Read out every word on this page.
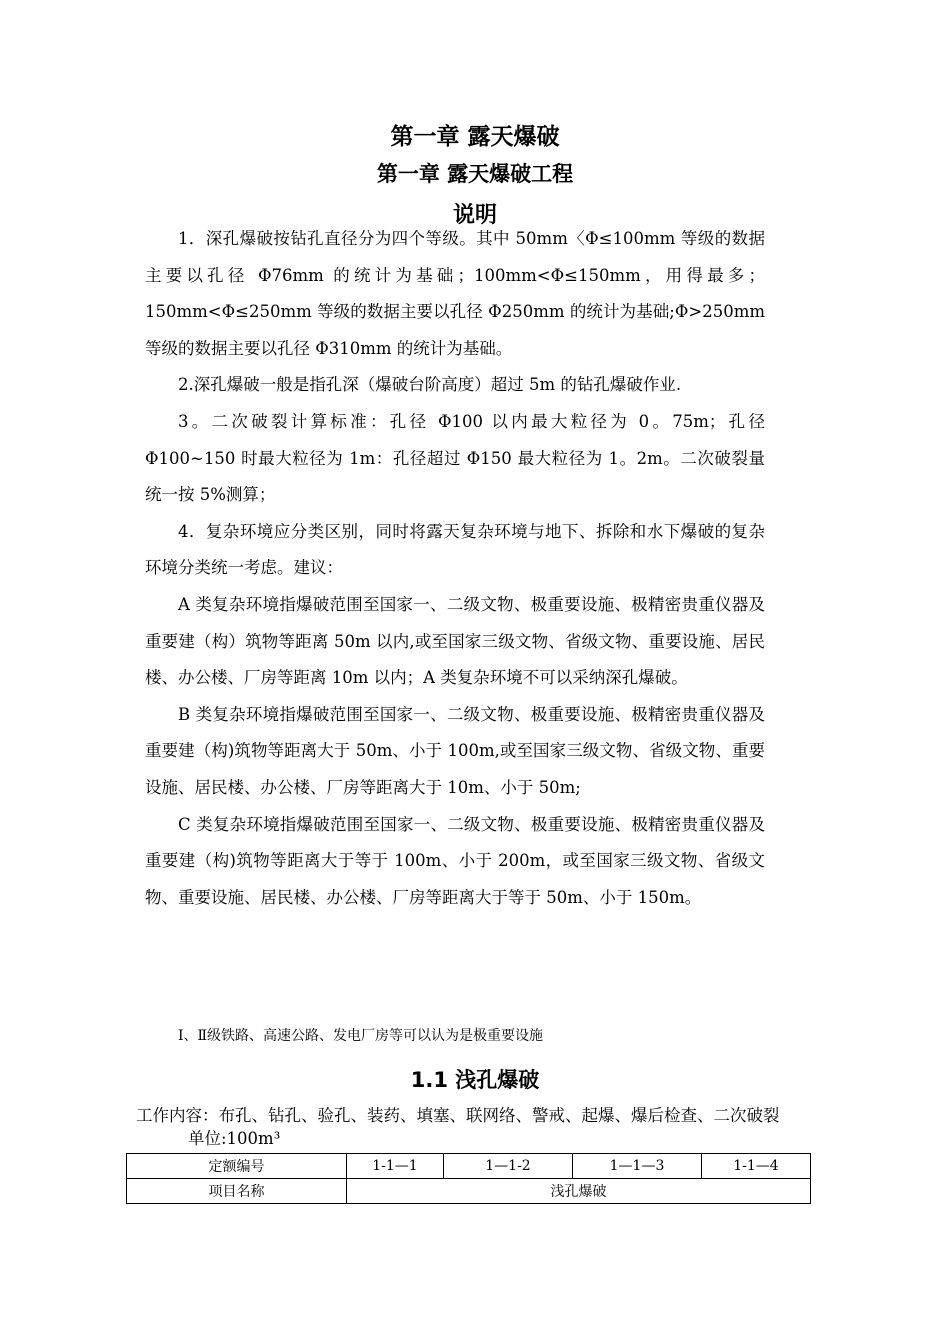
第一章 露天爆破
第一章 露天爆破工程
说明

1．深孔爆破按钻孔直径分为四个等级。其中 50mm〈Φ≤100mm 等级的数据主要以孔径 Φ76mm 的统计为基础；100mm<Φ≤150mm，用得最多；150mm<Φ≤250mm 等级的数据主要以孔径 Φ250mm 的统计为基础;Φ>250mm 等级的数据主要以孔径 Φ310mm 的统计为基础。

2.深孔爆破一般是指孔深（爆破台阶高度）超过 5m 的钻孔爆破作业.

3。二次破裂计算标准：孔径 Φ100 以内最大粒径为 0。75m；孔径 Φ100~150 时最大粒径为 1m：孔径超过 Φ150 最大粒径为 1。2m。二次破裂量统一按 5%测算；

4．复杂环境应分类区别，同时将露天复杂环境与地下、拆除和水下爆破的复杂环境分类统一考虑。建议：

A 类复杂环境指爆破范围至国家一、二级文物、极重要设施、极精密贵重仪器及重要建（构）筑物等距离 50m 以内,或至国家三级文物、省级文物、重要设施、居民楼、办公楼、厂房等距离 10m 以内；A 类复杂环境不可以采纳深孔爆破。

B 类复杂环境指爆破范围至国家一、二级文物、极重要设施、极精密贵重仪器及重要建（构)筑物等距离大于 50m、小于 100m,或至国家三级文物、省级文物、重要设施、居民楼、办公楼、厂房等距离大于 10m、小于 50m;

C 类复杂环境指爆破范围至国家一、二级文物、极重要设施、极精密贵重仪器及重要建（构)筑物等距离大于等于 100m、小于 200m，或至国家三级文物、省级文物、重要设施、居民楼、办公楼、厂房等距离大于等于 50m、小于 150m。

Ⅰ、Ⅱ级铁路、高速公路、发电厂房等可以认为是极重要设施
1.1 浅孔爆破
工作内容：布孔、钻孔、验孔、装药、填塞、联网络、警戒、起爆、爆后检查、二次破裂单位:100m³
定额编号	1-1—1	1—1-2	1—1—3	1-1—4
项目名称	浅孔爆破			
